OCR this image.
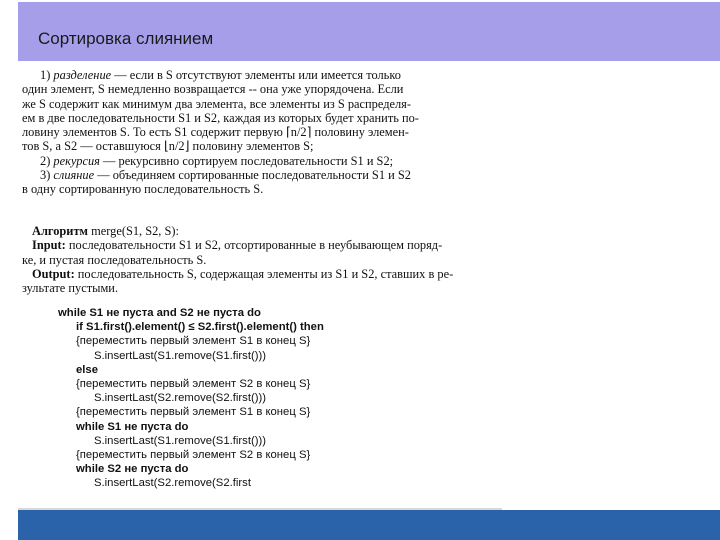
Сортировка слиянием
1) разделение — если в S отсутствуют элементы или имеется только
один элемент, S немедленно возвращается -- она уже упорядочена. Если
же S содержит как минимум два элемента, все элементы из S распределя-
ем в две последовательности S1 и S2, каждая из которых будет хранить по-
ловину элементов S. То есть S1 содержит первую ⌈n/2⌉ половину элемен-
тов S, а S2 — оставшуюся ⌊n/2⌋ половину элементов S;
2) рекурсия — рекурсивно сортируем последовательности S1 и S2;
3) слияние — объединяем сортированные последовательности S1 и S2
в одну сортированную последовательность S.
Алгоритм merge(S1, S2, S):
Input: последовательности S1 и S2, отсортированные в неубывающем поряд-
ке, и пустая последовательность S.
Output: последовательность S, содержащая элементы из S1 и S2, ставших в ре-
зультате пустыми.
while S1 не пуста and S2 не пуста do
if S1.first().element() ≤ S2.first().element() then
{переместить первый элемент S1 в конец S}
S.insertLast(S1.remove(S1.first()))
else
{переместить первый элемент S2 в конец S}
S.insertLast(S2.remove(S2.first()))
{переместить первый элемент S1 в конец S}
while S1 не пуста do
S.insertLast(S1.remove(S1.first()))
{переместить первый элемент S2 в конец S}
while S2 не пуста do
S.insertLast(S2.remove(S2.first
